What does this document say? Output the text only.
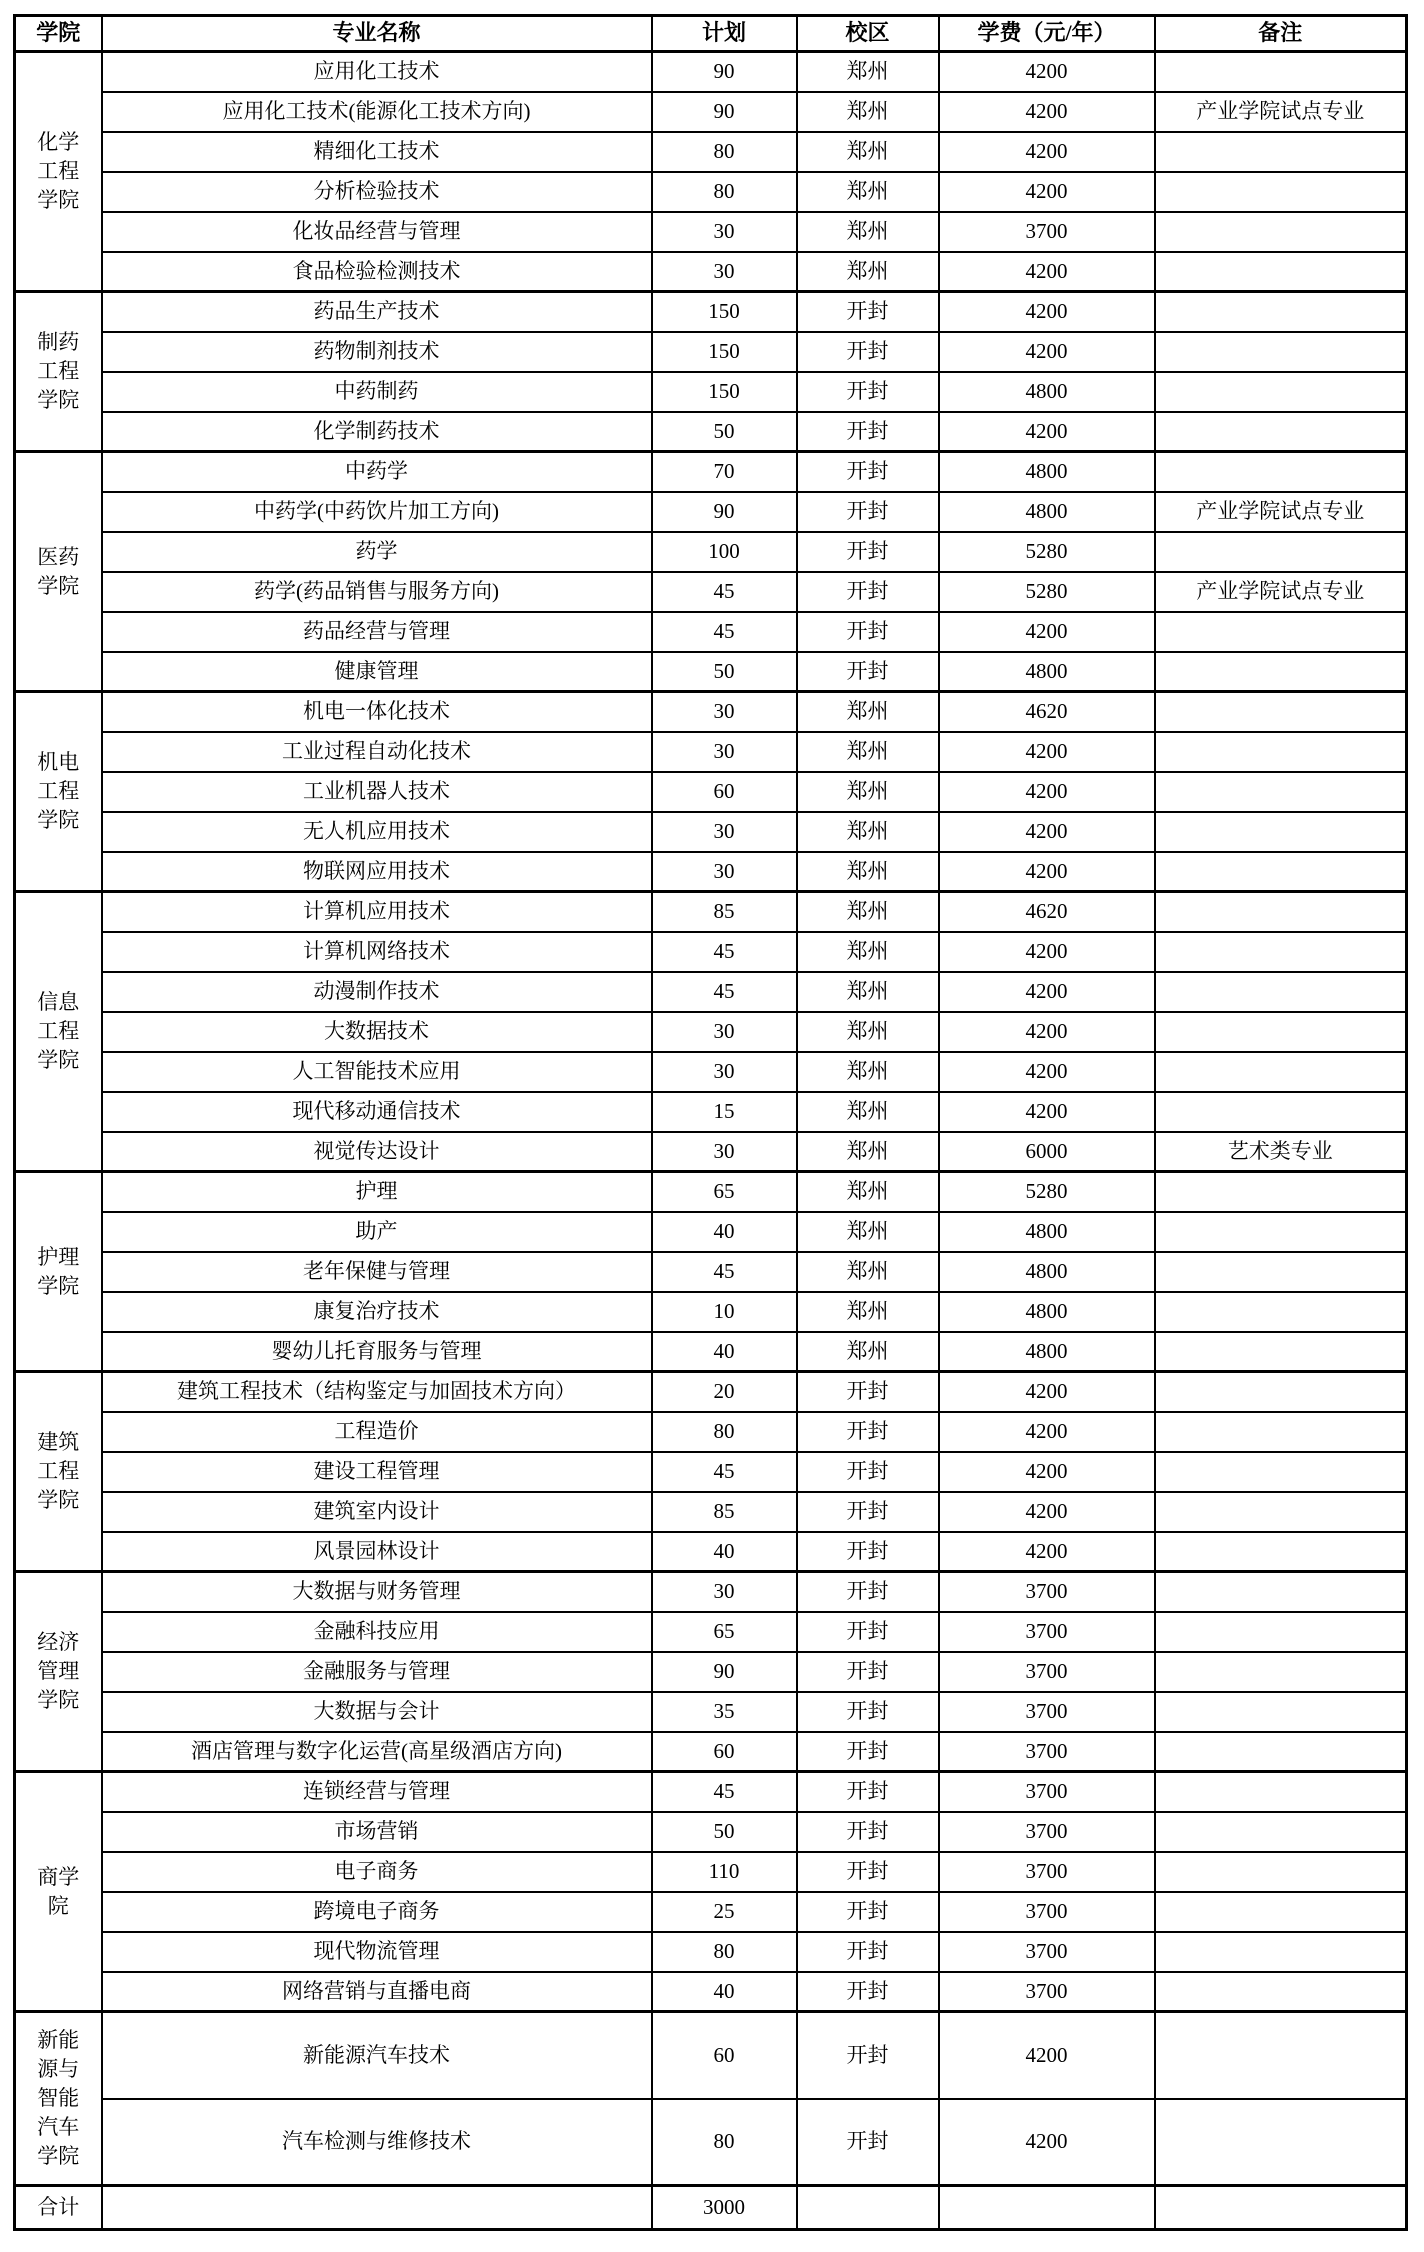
学院	专业名称	计划	校区	学费（元/年）	备注
化学工程学院	应用化工技术	90	郑州	4200	
	应用化工技术(能源化工技术方向)	90	郑州	4200	产业学院试点专业
	精细化工技术	80	郑州	4200	
	分析检验技术	80	郑州	4200	
	化妆品经营与管理	30	郑州	3700	
	食品检验检测技术	30	郑州	4200	
制药工程学院	药品生产技术	150	开封	4200	
	药物制剂技术	150	开封	4200	
	中药制药	150	开封	4800	
	化学制药技术	50	开封	4200	
医药学院	中药学	70	开封	4800	
	中药学(中药饮片加工方向)	90	开封	4800	产业学院试点专业
	药学	100	开封	5280	
	药学(药品销售与服务方向)	45	开封	5280	产业学院试点专业
	药品经营与管理	45	开封	4200	
	健康管理	50	开封	4800	
机电工程学院	机电一体化技术	30	郑州	4620	
	工业过程自动化技术	30	郑州	4200	
	工业机器人技术	60	郑州	4200	
	无人机应用技术	30	郑州	4200	
	物联网应用技术	30	郑州	4200	
信息工程学院	计算机应用技术	85	郑州	4620	
	计算机网络技术	45	郑州	4200	
	动漫制作技术	45	郑州	4200	
	大数据技术	30	郑州	4200	
	人工智能技术应用	30	郑州	4200	
	现代移动通信技术	15	郑州	4200	
	视觉传达设计	30	郑州	6000	艺术类专业
护理学院	护理	65	郑州	5280	
	助产	40	郑州	4800	
	老年保健与管理	45	郑州	4800	
	康复治疗技术	10	郑州	4800	
	婴幼儿托育服务与管理	40	郑州	4800	
建筑工程学院	建筑工程技术（结构鉴定与加固技术方向）	20	开封	4200	
	工程造价	80	开封	4200	
	建设工程管理	45	开封	4200	
	建筑室内设计	85	开封	4200	
	风景园林设计	40	开封	4200	
经济管理学院	大数据与财务管理	30	开封	3700	
	金融科技应用	65	开封	3700	
	金融服务与管理	90	开封	3700	
	大数据与会计	35	开封	3700	
	酒店管理与数字化运营(高星级酒店方向)	60	开封	3700	
商学院	连锁经营与管理	45	开封	3700	
	市场营销	50	开封	3700	
	电子商务	110	开封	3700	
	跨境电子商务	25	开封	3700	
	现代物流管理	80	开封	3700	
	网络营销与直播电商	40	开封	3700	
新能源与智能汽车学院	新能源汽车技术	60	开封	4200	
	汽车检测与维修技术	80	开封	4200	
合计		3000			
